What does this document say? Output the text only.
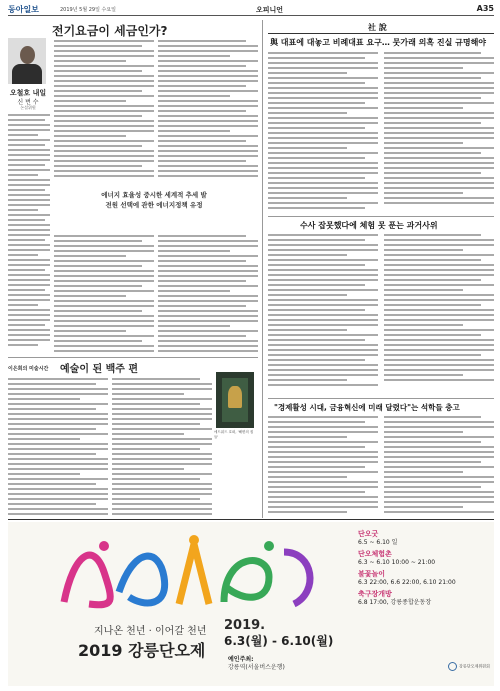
동아일보	2019년 5월 29일 수요일	오피니언	A35
전기요금이 세금인가?
오철호 내일
신 번 수
논설위원
에너지 효율성 중시한 세계적 추세 발전원 선택에 관한 에너지정책 유정
이은희의 미술시간 예술이 된 백주 편
에드워드 호퍼, '해변의 집들'
社 說
與 대표에 대놓고 비례대표 요구… 뭇가래 의혹 진실 규명해야
수사 잡못했다에 체험 못 푼는 과거사위
"경제활성 시대, 금융혁신에 미래 달렸다"는 석학들 충고
지나온 천년 · 이어갈 천년
2019 강릉단오제
2019.
6.3(월) - 6.10(월)
예인주최:
강릉역(서울버스운행)
단오굿
6.5 ~ 6.10 일
단오체험촌
6.3 ~ 6.10 10:00 ~ 21:00
불꽃놀이
6.3 22:00, 6.6 22:00, 6.10 21:00
축구장개방
6.8 17:00, 강릉종합운동장
강릉단오제위원회
